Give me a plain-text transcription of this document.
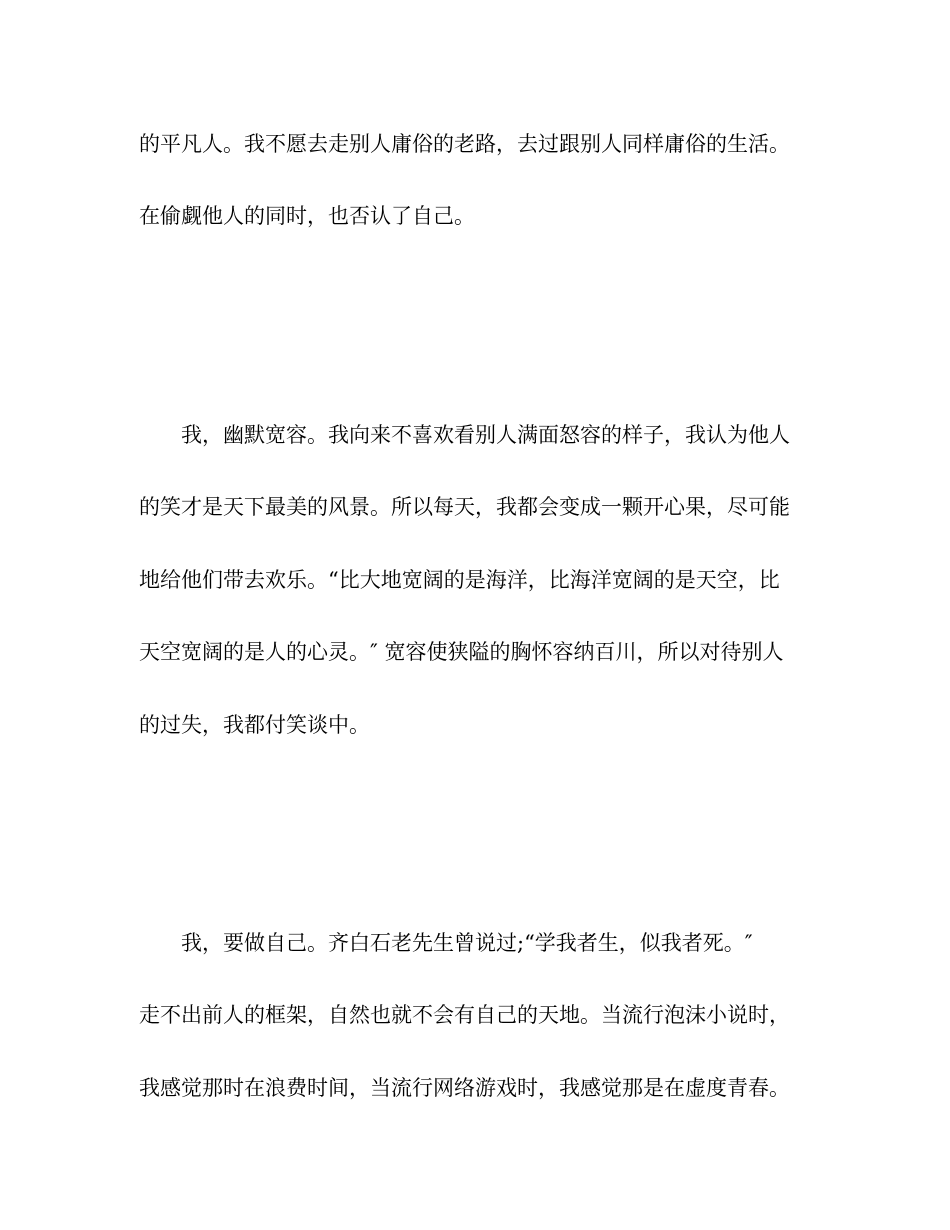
的平凡人。我不愿去走别人庸俗的老路，去过跟别人同样庸俗的生活。

在偷觑他人的同时，也否认了自己。

我，幽默宽容。我向来不喜欢看别人满面怒容的样子，我认为他人

的笑才是天下最美的风景。所以每天，我都会变成一颗开心果，尽可能

地给他们带去欢乐。“比大地宽阔的是海洋，比海洋宽阔的是天空，比

天空宽阔的是人的心灵。″ 宽容使狭隘的胸怀容纳百川，所以对待别人

的过失，我都付笑谈中。

我，要做自己。齐白石老先生曾说过;“学我者生，似我者死。″

走不出前人的框架，自然也就不会有自己的天地。当流行泡沫小说时，

我感觉那时在浪费时间，当流行网络游戏时，我感觉那是在虚度青春。
